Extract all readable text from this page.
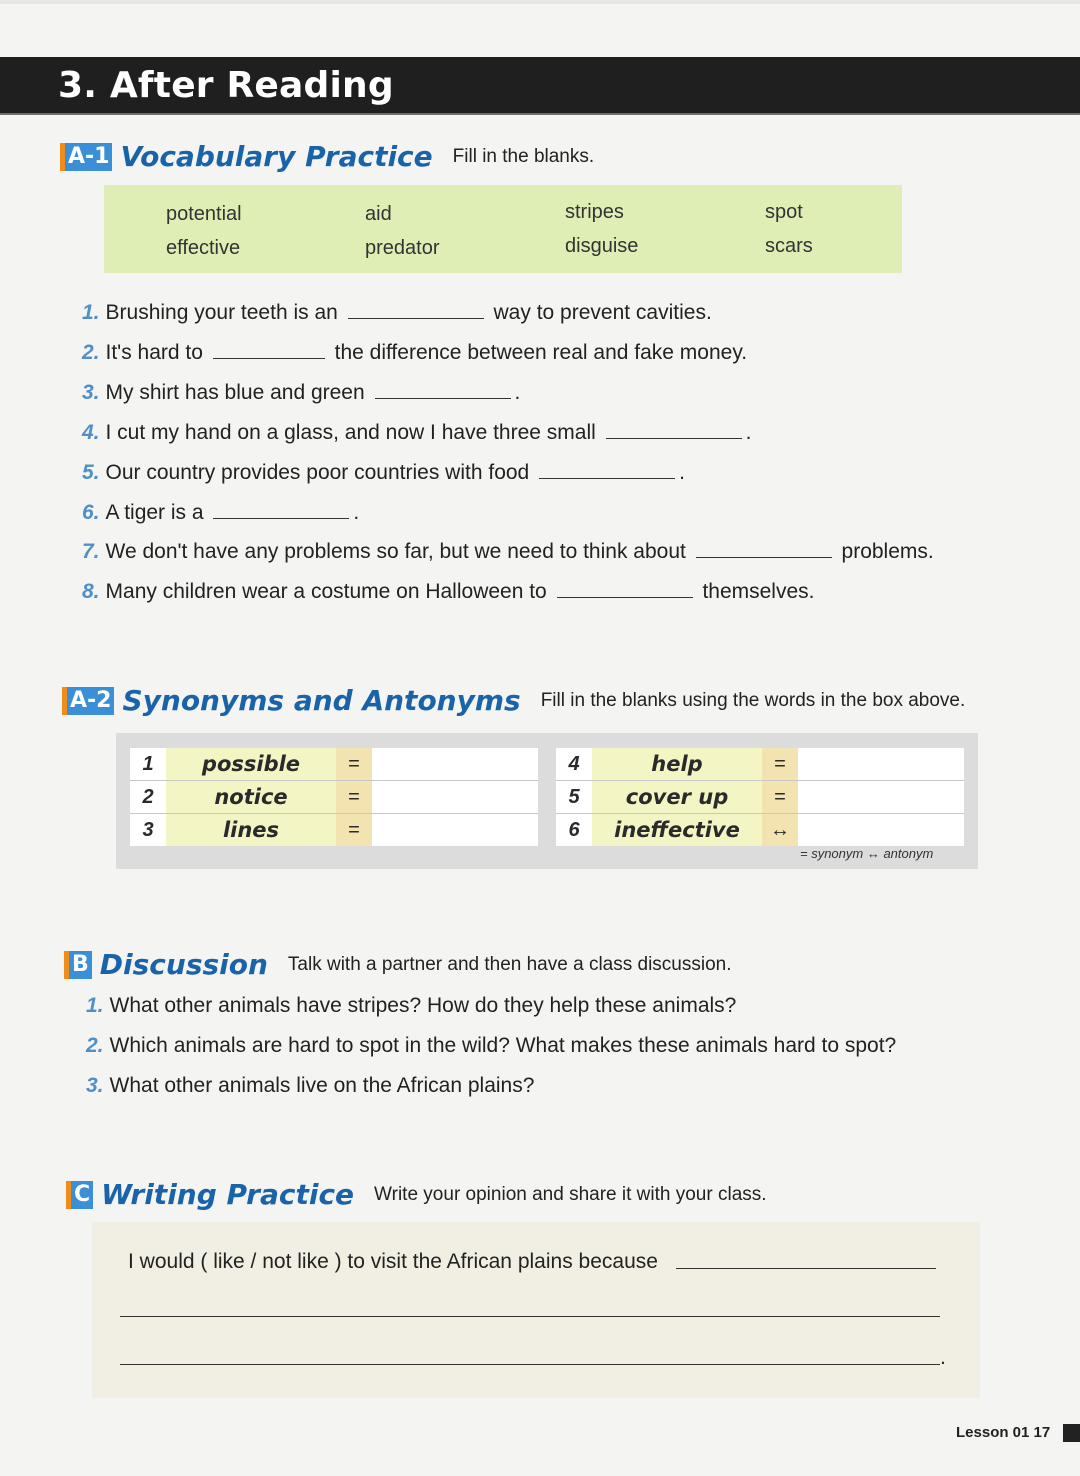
3. After Reading
A-1 Vocabulary Practice Fill in the blanks.
potential	aid	stripes	spot
effective	predator	disguise	scars
1. Brushing your teeth is an	way to prevent cavities.
2. It's hard to	the difference between real and fake money.
3. My shirt has blue and green	.
4. I cut my hand on a glass, and now I have three small	.
5. Our country provides poor countries with food	.
6. A tiger is a	.
7. We don't have any problems so far, but we need to think about	problems.
8. Many children wear a costume on Halloween to	themselves.
A-2 Synonyms and Antonyms Fill in the blanks using the words in the box above.
1	possible	=
2	notice	=
3	lines	=
4	help	=
5	cover up	=
6	ineffective	↔
= synonym ↔ antonym
B Discussion Talk with a partner and then have a class discussion.
1. What other animals have stripes? How do they help these animals?
2. Which animals are hard to spot in the wild? What makes these animals hard to spot?
3. What other animals live on the African plains?
C Writing Practice Write your opinion and share it with your class.
I would ( like / not like ) to visit the African plains because
.
Lesson 01 17
